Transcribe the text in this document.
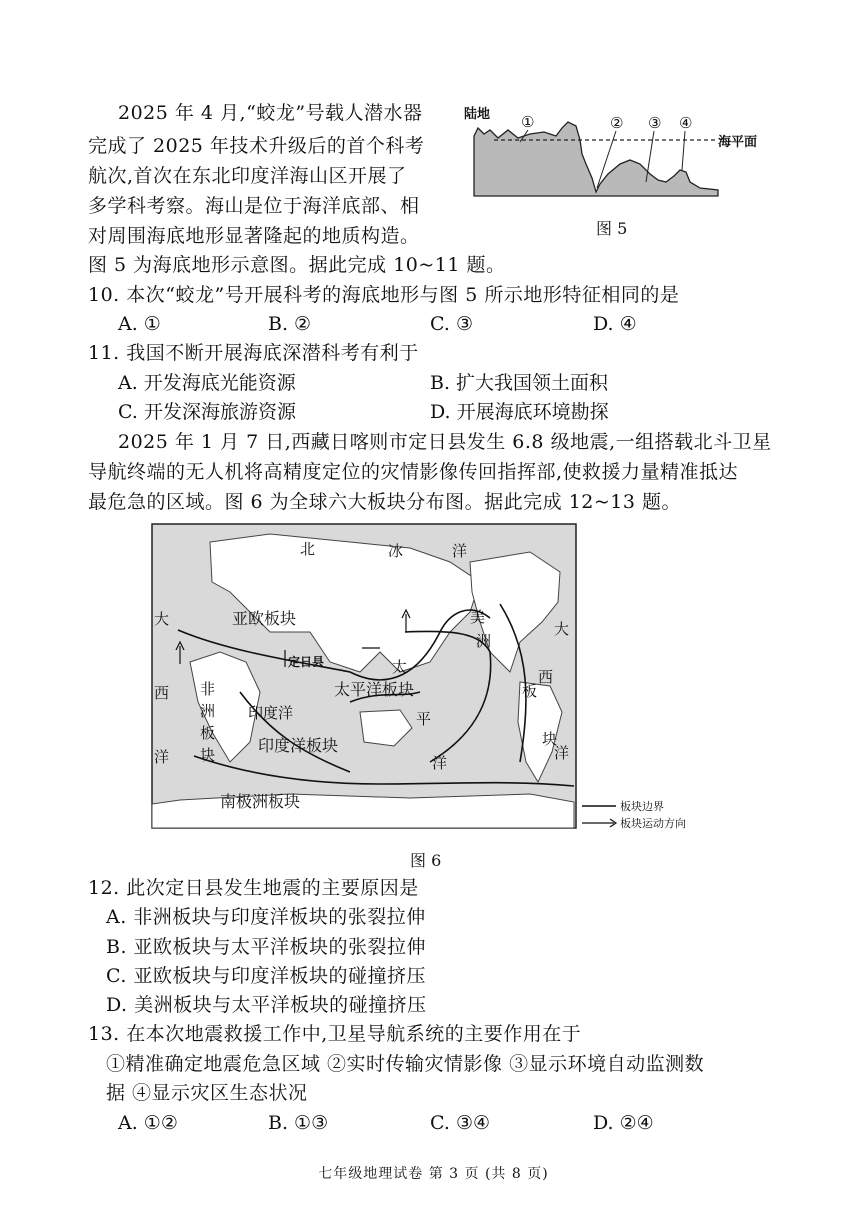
2025 年 4 月,“蛟龙”号载人潜水器
完成了 2025 年技术升级后的首个科考
航次,首次在东北印度洋海山区开展了
多学科考察。海山是位于海洋底部、相
对周围海底地形显著隆起的地质构造。
图 5 为海底地形示意图。据此完成 10~11 题。
陆地
海平面
①	② ③ ④
图 5
10. 本次“蛟龙”号开展科考的海底地形与图 5 所示地形特征相同的是
A. ①	B. ②	C. ③	D. ④
11. 我国不断开展海底深潜科考有利于
A. 开发海底光能资源	B. 扩大我国领土面积
C. 开发深海旅游资源	D. 开展海底环境勘探
2025 年 1 月 7 日,西藏日喀则市定日县发生 6.8 级地震,一组搭载北斗卫星
导航终端的无人机将高精度定位的灾情影像传回指挥部,使救援力量精准抵达
最危急的区域。图 6 为全球六大板块分布图。据此完成 12~13 题。
亚欧板块
定日县
非
洲
板
块
太平洋板块
印度洋板块
南极洲板块
美
洲
板
块
北	冰	洋
大
西
洋
大
西
洋
印度洋
太
平
洋
板块边界
板块运动方向
图 6
12. 此次定日县发生地震的主要原因是
A. 非洲板块与印度洋板块的张裂拉伸
B. 亚欧板块与太平洋板块的张裂拉伸
C. 亚欧板块与印度洋板块的碰撞挤压
D. 美洲板块与太平洋板块的碰撞挤压
13. 在本次地震救援工作中,卫星导航系统的主要作用在于
①精准确定地震危急区域 ②实时传输灾情影像 ③显示环境自动监测数
据 ④显示灾区生态状况
A. ①②	B. ①③	C. ③④	D. ②④
七年级地理试卷 第 3 页 (共 8 页)
